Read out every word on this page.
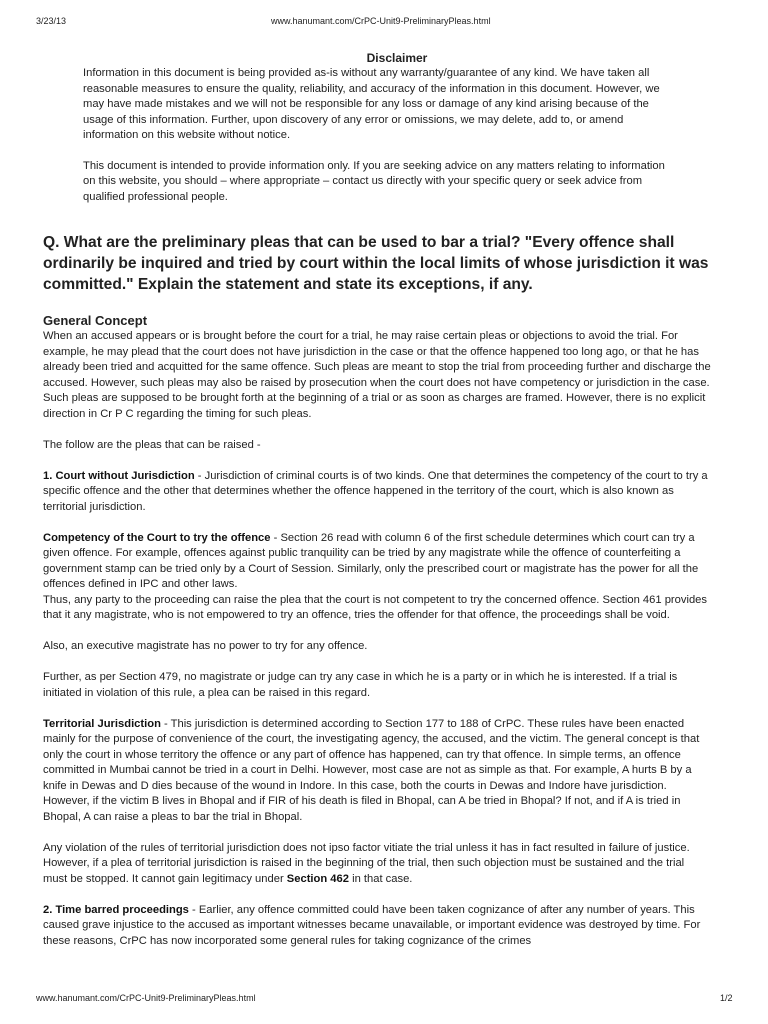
3/23/13	www.hanumant.com/CrPC-Unit9-PreliminaryPleas.html
Disclaimer

Information in this document is being provided as-is without any warranty/guarantee of any kind. We have taken all reasonable measures to ensure the quality, reliability, and accuracy of the information in this document. However, we may have made mistakes and we will not be responsible for any loss or damage of any kind arising because of the usage of this information. Further, upon discovery of any error or omissions, we may delete, add to, or amend information on this website without notice.

This document is intended to provide information only. If you are seeking advice on any matters relating to information on this website, you should – where appropriate – contact us directly with your specific query or seek advice from qualified professional people.

Q. What are the preliminary pleas that can be used to bar a trial? "Every offence shall ordinarily be inquired and tried by court within the local limits of whose jurisdiction it was committed." Explain the statement and state its exceptions, if any.
General Concept

When an accused appears or is brought before the court for a trial, he may raise certain pleas or objections to avoid the trial. For example, he may plead that the court does not have jurisdiction in the case or that the offence happened too long ago, or that he has already been tried and acquitted for the same offence. Such pleas are meant to stop the trial from proceeding further and discharge the accused. However, such pleas may also be raised by prosecution when the court does not have competency or jurisdiction in the case.

Such pleas are supposed to be brought forth at the beginning of a trial or as soon as charges are framed. However, there is no explicit direction in Cr P C regarding the timing for such pleas.

The follow are the pleas that can be raised -

1. Court without Jurisdiction - Jurisdiction of criminal courts is of two kinds. One that determines the competency of the court to try a specific offence and the other that determines whether the offence happened in the territory of the court, which is also known as territorial jurisdiction.

Competency of the Court to try the offence - Section 26 read with column 6 of the first schedule determines which court can try a given offence. For example, offences against public tranquility can be tried by any magistrate while the offence of counterfeiting a government stamp can be tried only by a Court of Session. Similarly, only the prescribed court or magistrate has the power for all the offences defined in IPC and other laws.

Thus, any party to the proceeding can raise the plea that the court is not competent to try the concerned offence. Section 461 provides that it any magistrate, who is not empowered to try an offence, tries the offender for that offence, the proceedings shall be void.

Also, an executive magistrate has no power to try for any offence.

Further, as per Section 479, no magistrate or judge can try any case in which he is a party or in which he is interested. If a trial is initiated in violation of this rule, a plea can be raised in this regard.

Territorial Jurisdiction - This jurisdiction is determined according to Section 177 to 188 of CrPC. These rules have been enacted mainly for the purpose of convenience of the court, the investigating agency, the accused, and the victim. The general concept is that only the court in whose territory the offence or any part of offence has happened, can try that offence. In simple terms, an offence committed in Mumbai cannot be tried in a court in Delhi. However, most case are not as simple as that. For example, A hurts B by a knife in Dewas and D dies because of the wound in Indore. In this case, both the courts in Dewas and Indore have jurisdiction. However, if the victim B lives in Bhopal and if FIR of his death is filed in Bhopal, can A be tried in Bhopal? If not, and if A is tried in Bhopal, A can raise a pleas to bar the trial in Bhopal.

Any violation of the rules of territorial jurisdiction does not ipso factor vitiate the trial unless it has in fact resulted in failure of justice. However, if a plea of territorial jurisdiction is raised in the beginning of the trial, then such objection must be sustained and the trial must be stopped. It cannot gain legitimacy under Section 462 in that case.

2. Time barred proceedings - Earlier, any offence committed could have been taken cognizance of after any number of years. This caused grave injustice to the accused as important witnesses became unavailable, or important evidence was destroyed by time. For these reasons, CrPC has now incorporated some general rules for taking cognizance of the crimes

www.hanumant.com/CrPC-Unit9-PreliminaryPleas.html	1/2
